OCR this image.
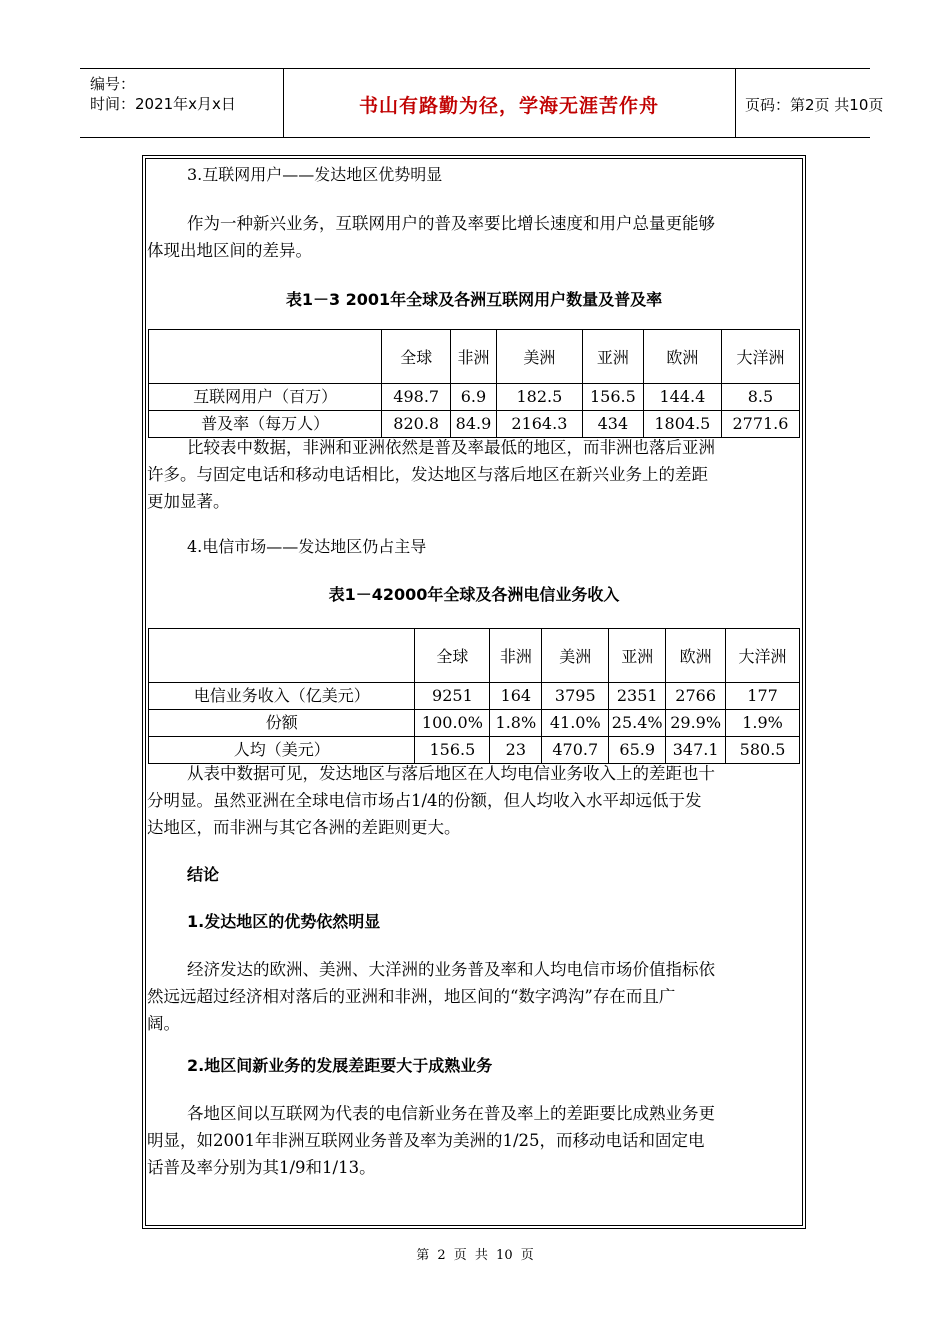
编号：
时间：2021年x月x日	书山有路勤为径，学海无涯苦作舟	页码：第2页 共10页
3.互联网用户——发达地区优势明显
作为一种新兴业务，互联网用户的普及率要比增长速度和用户总量更能够
体现出地区间的差异。
表1－3 2001年全球及各洲互联网用户数量及普及率
	全球	非洲	美洲	亚洲	欧洲	大洋洲
互联网用户（百万）	498.7	6.9	182.5	156.5	144.4	8.5
普及率（每万人）	820.8	84.9	2164.3	434	1804.5	2771.6
比较表中数据，非洲和亚洲依然是普及率最低的地区，而非洲也落后亚洲
许多。与固定电话和移动电话相比，发达地区与落后地区在新兴业务上的差距
更加显著。
4.电信市场——发达地区仍占主导
表1－42000年全球及各洲电信业务收入
	全球	非洲	美洲	亚洲	欧洲	大洋洲
电信业务收入（亿美元）	9251	164	3795	2351	2766	177
份额	100.0%	1.8%	41.0%	25.4%	29.9%	1.9%
人均（美元）	156.5	23	470.7	65.9	347.1	580.5
从表中数据可见，发达地区与落后地区在人均电信业务收入上的差距也十
分明显。虽然亚洲在全球电信市场占1/4的份额，但人均收入水平却远低于发
达地区，而非洲与其它各洲的差距则更大。
结论
1.发达地区的优势依然明显
经济发达的欧洲、美洲、大洋洲的业务普及率和人均电信市场价值指标依
然远远超过经济相对落后的亚洲和非洲，地区间的“数字鸿沟”存在而且广
阔。
2.地区间新业务的发展差距要大于成熟业务
各地区间以互联网为代表的电信新业务在普及率上的差距要比成熟业务更
明显，如2001年非洲互联网业务普及率为美洲的1/25，而移动电话和固定电
话普及率分别为其1/9和1/13。
第 2 页 共 10 页
